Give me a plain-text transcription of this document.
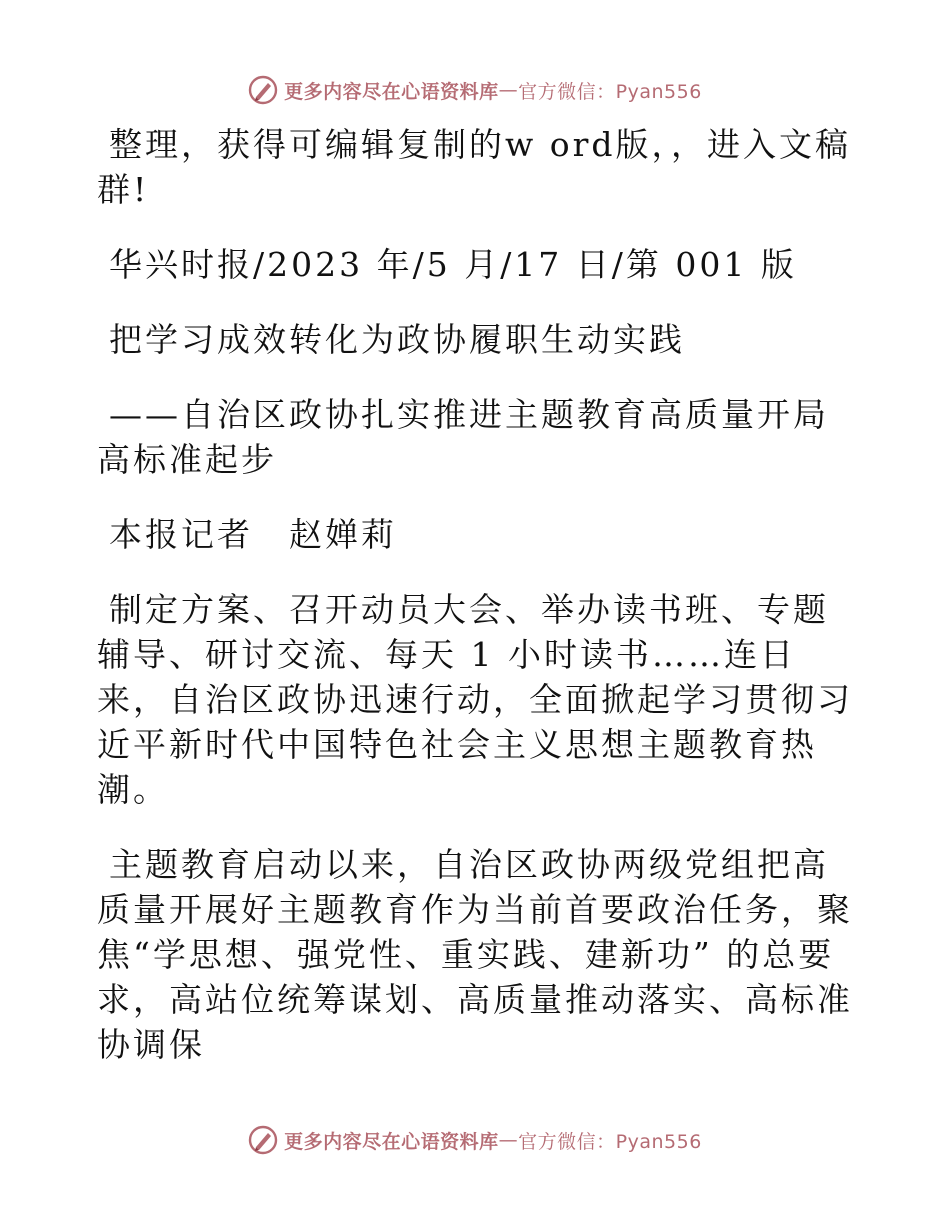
更多内容尽在心语资料库 — 官方微信：Pyan556

整理，获得可编辑复制的w ord版，，进入文稿群!

华兴时报/2023 年/5 月/17 日/第 001 版

把学习成效转化为政协履职生动实践

——自治区政协扎实推进主题教育高质量开局高标准起步

本报记者　赵婵莉

制定方案、召开动员大会、举办读书班、专题辅导、研讨交流、每天 1 小时读书……连日来，自治区政协迅速行动，全面掀起学习贯彻习近平新时代中国特色社会主义思想主题教育热潮。

主题教育启动以来，自治区政协两级党组把高质量开展好主题教育作为当前首要政治任务，聚焦“学思想、强党性、重实践、建新功” 的总要求，高站位统筹谋划、高质量推动落实、高标准协调保

更多内容尽在心语资料库 — 官方微信：Pyan556
